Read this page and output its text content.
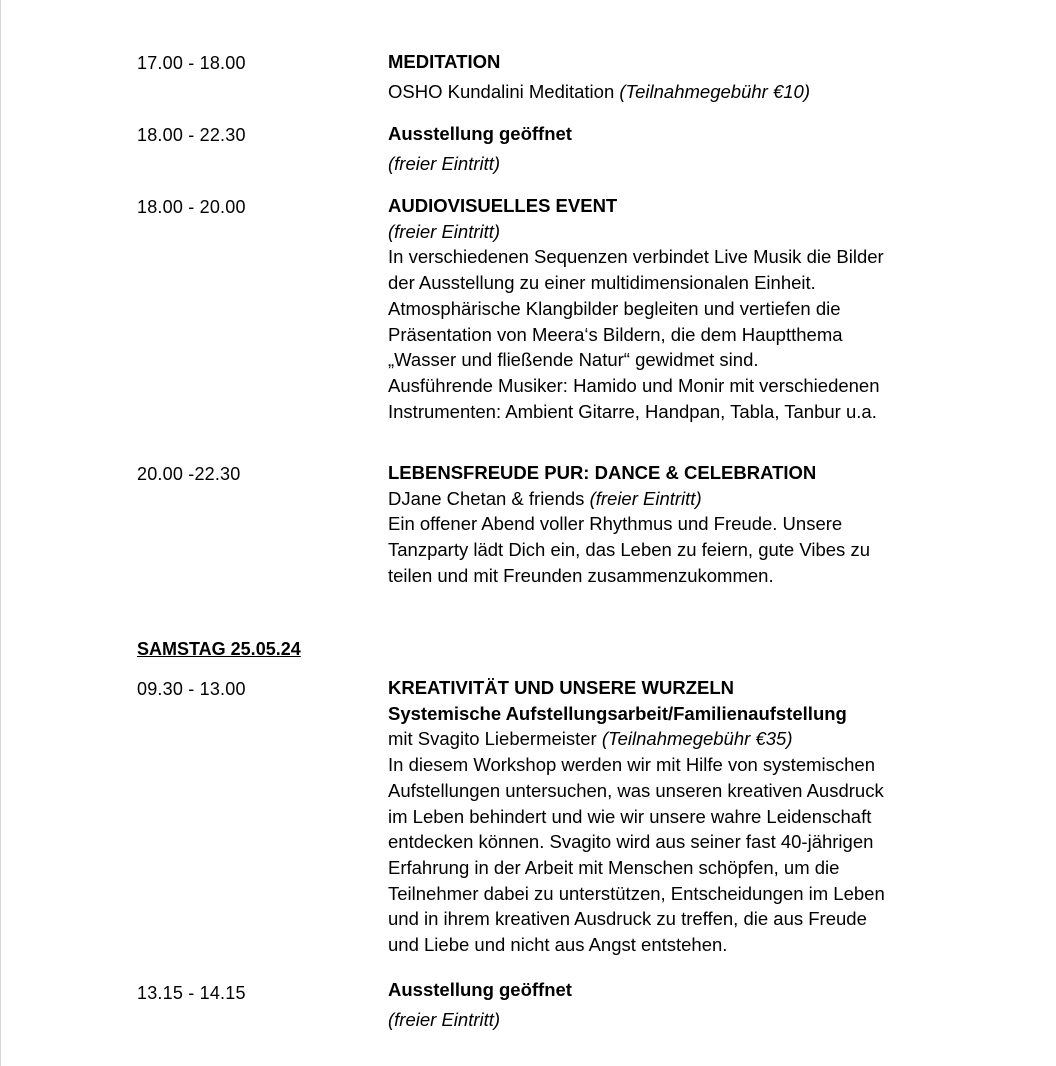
17.00 - 18.00	MEDITATION
OSHO Kundalini Meditation (Teilnahmegebühr €10)
18.00 - 22.30	Ausstellung geöffnet
(freier Eintritt)
18.00 - 20.00	AUDIOVISUELLES EVENT
(freier Eintritt)
In verschiedenen Sequenzen verbindet Live Musik die Bilder
der Ausstellung zu einer multidimensionalen Einheit.
Atmosphärische Klangbilder begleiten und vertiefen die
Präsentation von Meera‘s Bildern, die dem Hauptthema
„Wasser und fließende Natur“ gewidmet sind.
Ausführende Musiker: Hamido und Monir mit verschiedenen
Instrumenten: Ambient Gitarre, Handpan, Tabla, Tanbur u.a.
20.00 -22.30	LEBENSFREUDE PUR: DANCE & CELEBRATION
DJane Chetan & friends (freier Eintritt)
Ein offener Abend voller Rhythmus und Freude. Unsere
Tanzparty lädt Dich ein, das Leben zu feiern, gute Vibes zu
teilen und mit Freunden zusammenzukommen.
SAMSTAG 25.05.24
09.30 - 13.00	KREATIVITÄT UND UNSERE WURZELN
Systemische Aufstellungsarbeit/Familienaufstellung
mit Svagito Liebermeister (Teilnahmegebühr €35)
In diesem Workshop werden wir mit Hilfe von systemischen
Aufstellungen untersuchen, was unseren kreativen Ausdruck
im Leben behindert und wie wir unsere wahre Leidenschaft
entdecken können. Svagito wird aus seiner fast 40-jährigen
Erfahrung in der Arbeit mit Menschen schöpfen, um die
Teilnehmer dabei zu unterstützen, Entscheidungen im Leben
und in ihrem kreativen Ausdruck zu treffen, die aus Freude
und Liebe und nicht aus Angst entstehen.
13.15 - 14.15	Ausstellung geöffnet
(freier Eintritt)
